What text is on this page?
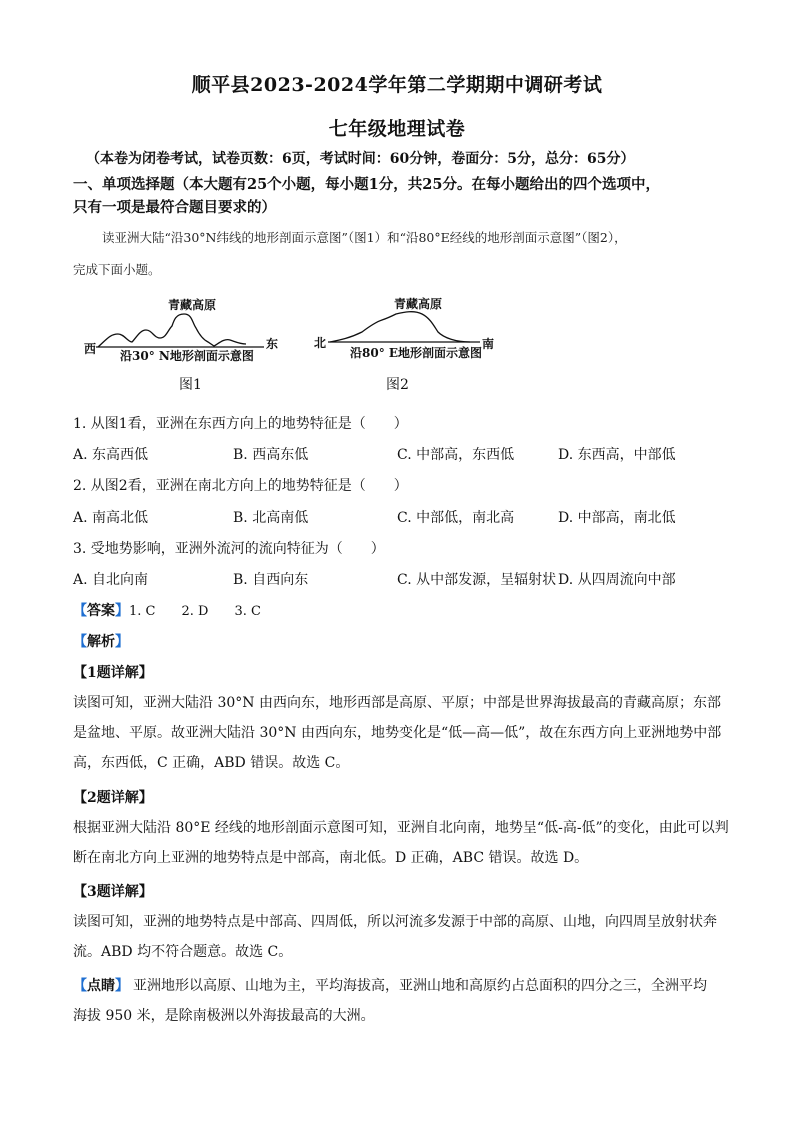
顺平县2023-2024学年第二学期期中调研考试
七年级地理试卷
（本卷为闭卷考试，试卷页数：6页，考试时间：60分钟，卷面分：5分，总分：65分）
一、单项选择题（本大题有25个小题，每小题1分，共25分。在每小题给出的四个选项中，
只有一项是最符合题目要求的）
读亚洲大陆“沿30°N纬线的地形剖面示意图”（图1）和“沿80°E经线的地形剖面示意图”（图2），
完成下面小题。
青藏高原
西	东
沿30° N地形剖面示意图
图1
青藏高原
北	南
沿80° E地形剖面示意图
图2
1. 从图1看，亚洲在东西方向上的地势特征是（　　）
A. 东高西低	B. 西高东低	C. 中部高，东西低	D. 东西高，中部低
2. 从图2看，亚洲在南北方向上的地势特征是（　　）
A. 南高北低	B. 北高南低	C. 中部低，南北高	D. 中部高，南北低
3. 受地势影响，亚洲外流河的流向特征为（　　）
A. 自北向南	B. 自西向东	C. 从中部发源，呈辐射状 D. 从四周流向中部
【答案】1. C　　2. D　　3. C
【解析】
【1题详解】
读图可知，亚洲大陆沿 30°N 由西向东，地形西部是高原、平原；中部是世界海拔最高的青藏高原；东部
是盆地、平原。故亚洲大陆沿 30°N 由西向东，地势变化是“低—高—低”，故在东西方向上亚洲地势中部
高，东西低，C 正确，ABD 错误。故选 C。
【2题详解】
根据亚洲大陆沿 80°E 经线的地形剖面示意图可知，亚洲自北向南，地势呈“低-高-低”的变化，由此可以判
断在南北方向上亚洲的地势特点是中部高，南北低。D 正确，ABC 错误。故选 D。
【3题详解】
读图可知，亚洲的地势特点是中部高、四周低，所以河流多发源于中部的高原、山地，向四周呈放射状奔
流。ABD 均不符合题意。故选 C。
【点睛】 亚洲地形以高原、山地为主，平均海拔高，亚洲山地和高原约占总面积的四分之三，全洲平均
海拔 950 米，是除南极洲以外海拔最高的大洲。
